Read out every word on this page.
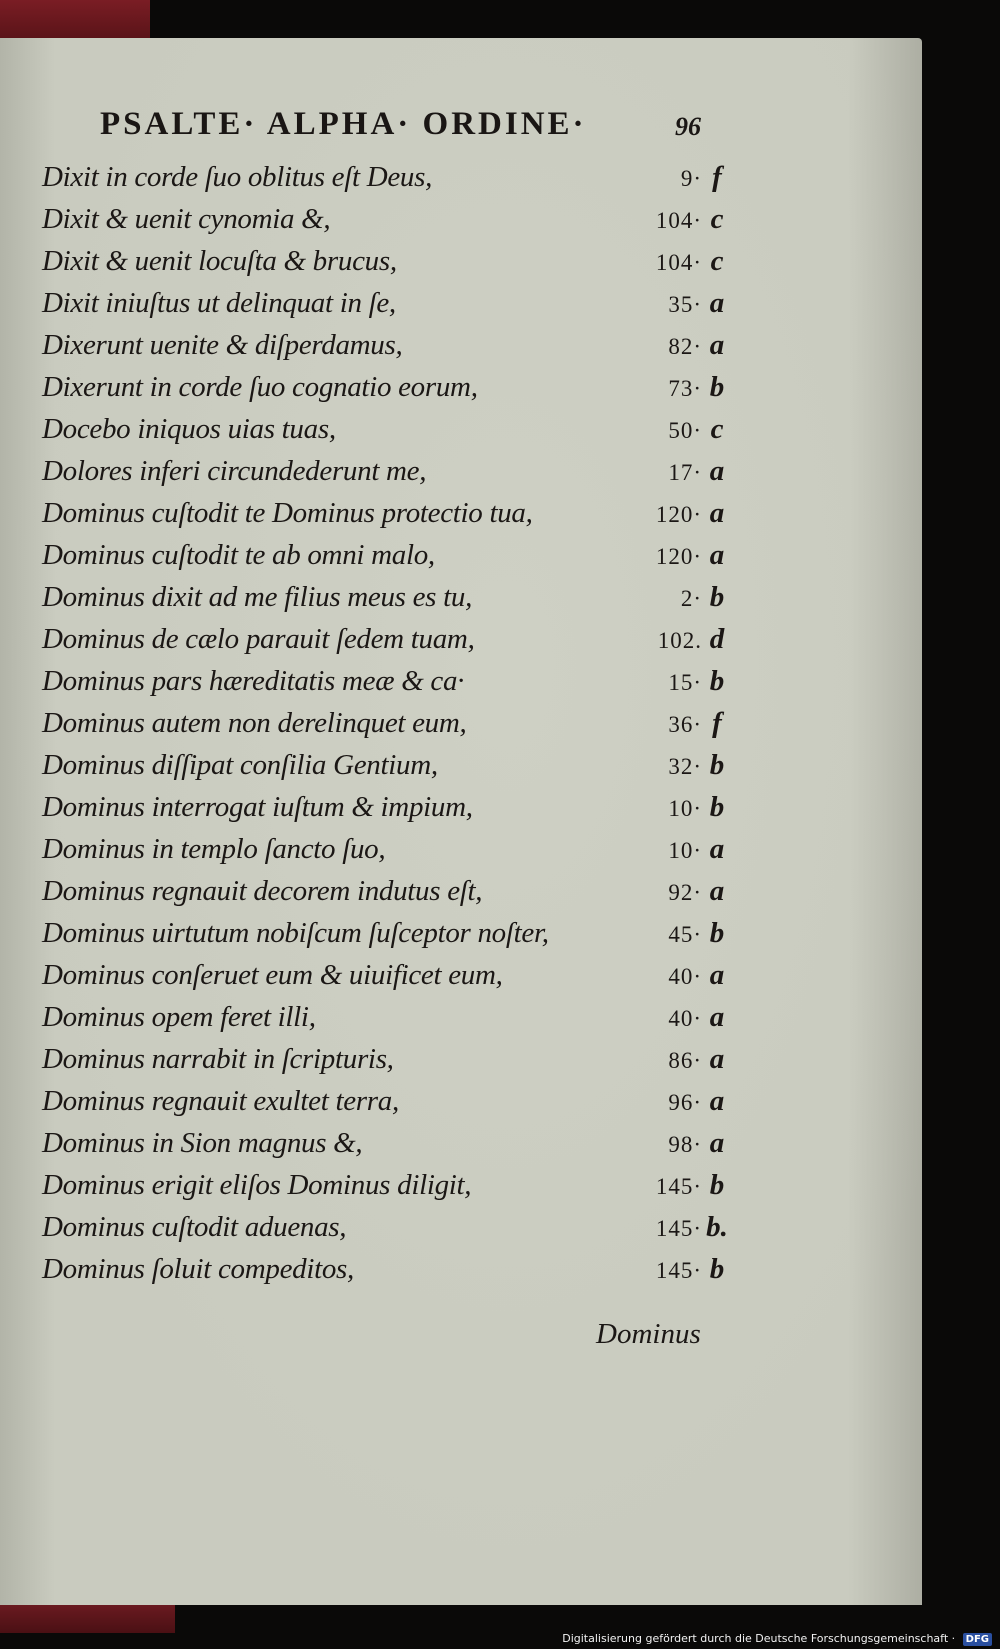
PSALTE· ALPHA· ORDINE·	96
Dixit in corde ſuo oblitus eſt Deus,	9· f
Dixit & uenit cynomia &,	104· c
Dixit & uenit locuſta & brucus,	104· c
Dixit iniuſtus ut delinquat in ſe,	35· a
Dixerunt uenite & diſperdamus,	82· a
Dixerunt in corde ſuo cognatio eorum,	73· b
Docebo iniquos uias tuas,	50· c
Dolores inferi circundederunt me,	17· a
Dominus cuſtodit te Dominus protectio tua,	120· a
Dominus cuſtodit te ab omni malo,	120· a
Dominus dixit ad me filius meus es tu,	2· b
Dominus de cælo parauit ſedem tuam,	102. d
Dominus pars hæreditatis meæ & ca·	15· b
Dominus autem non derelinquet eum,	36· f
Dominus diſſipat conſilia Gentium,	32· b
Dominus interrogat iuſtum & impium,	10· b
Dominus in templo ſancto ſuo,	10· a
Dominus regnauit decorem indutus eſt,	92· a
Dominus uirtutum nobiſcum ſuſceptor noſter,	45· b
Dominus conſeruet eum & uiuificet eum,	40· a
Dominus opem feret illi,	40· a
Dominus narrabit in ſcripturis,	86· a
Dominus regnauit exultet terra,	96· a
Dominus in Sion magnus &,	98· a
Dominus erigit eliſos Dominus diligit,	145· b
Dominus cuſtodit aduenas,	145· b.
Dominus ſoluit compeditos,	145· b
Dominus
Digitalisierung gefördert durch die Deutsche Forschungsgemeinschaft · DFG
